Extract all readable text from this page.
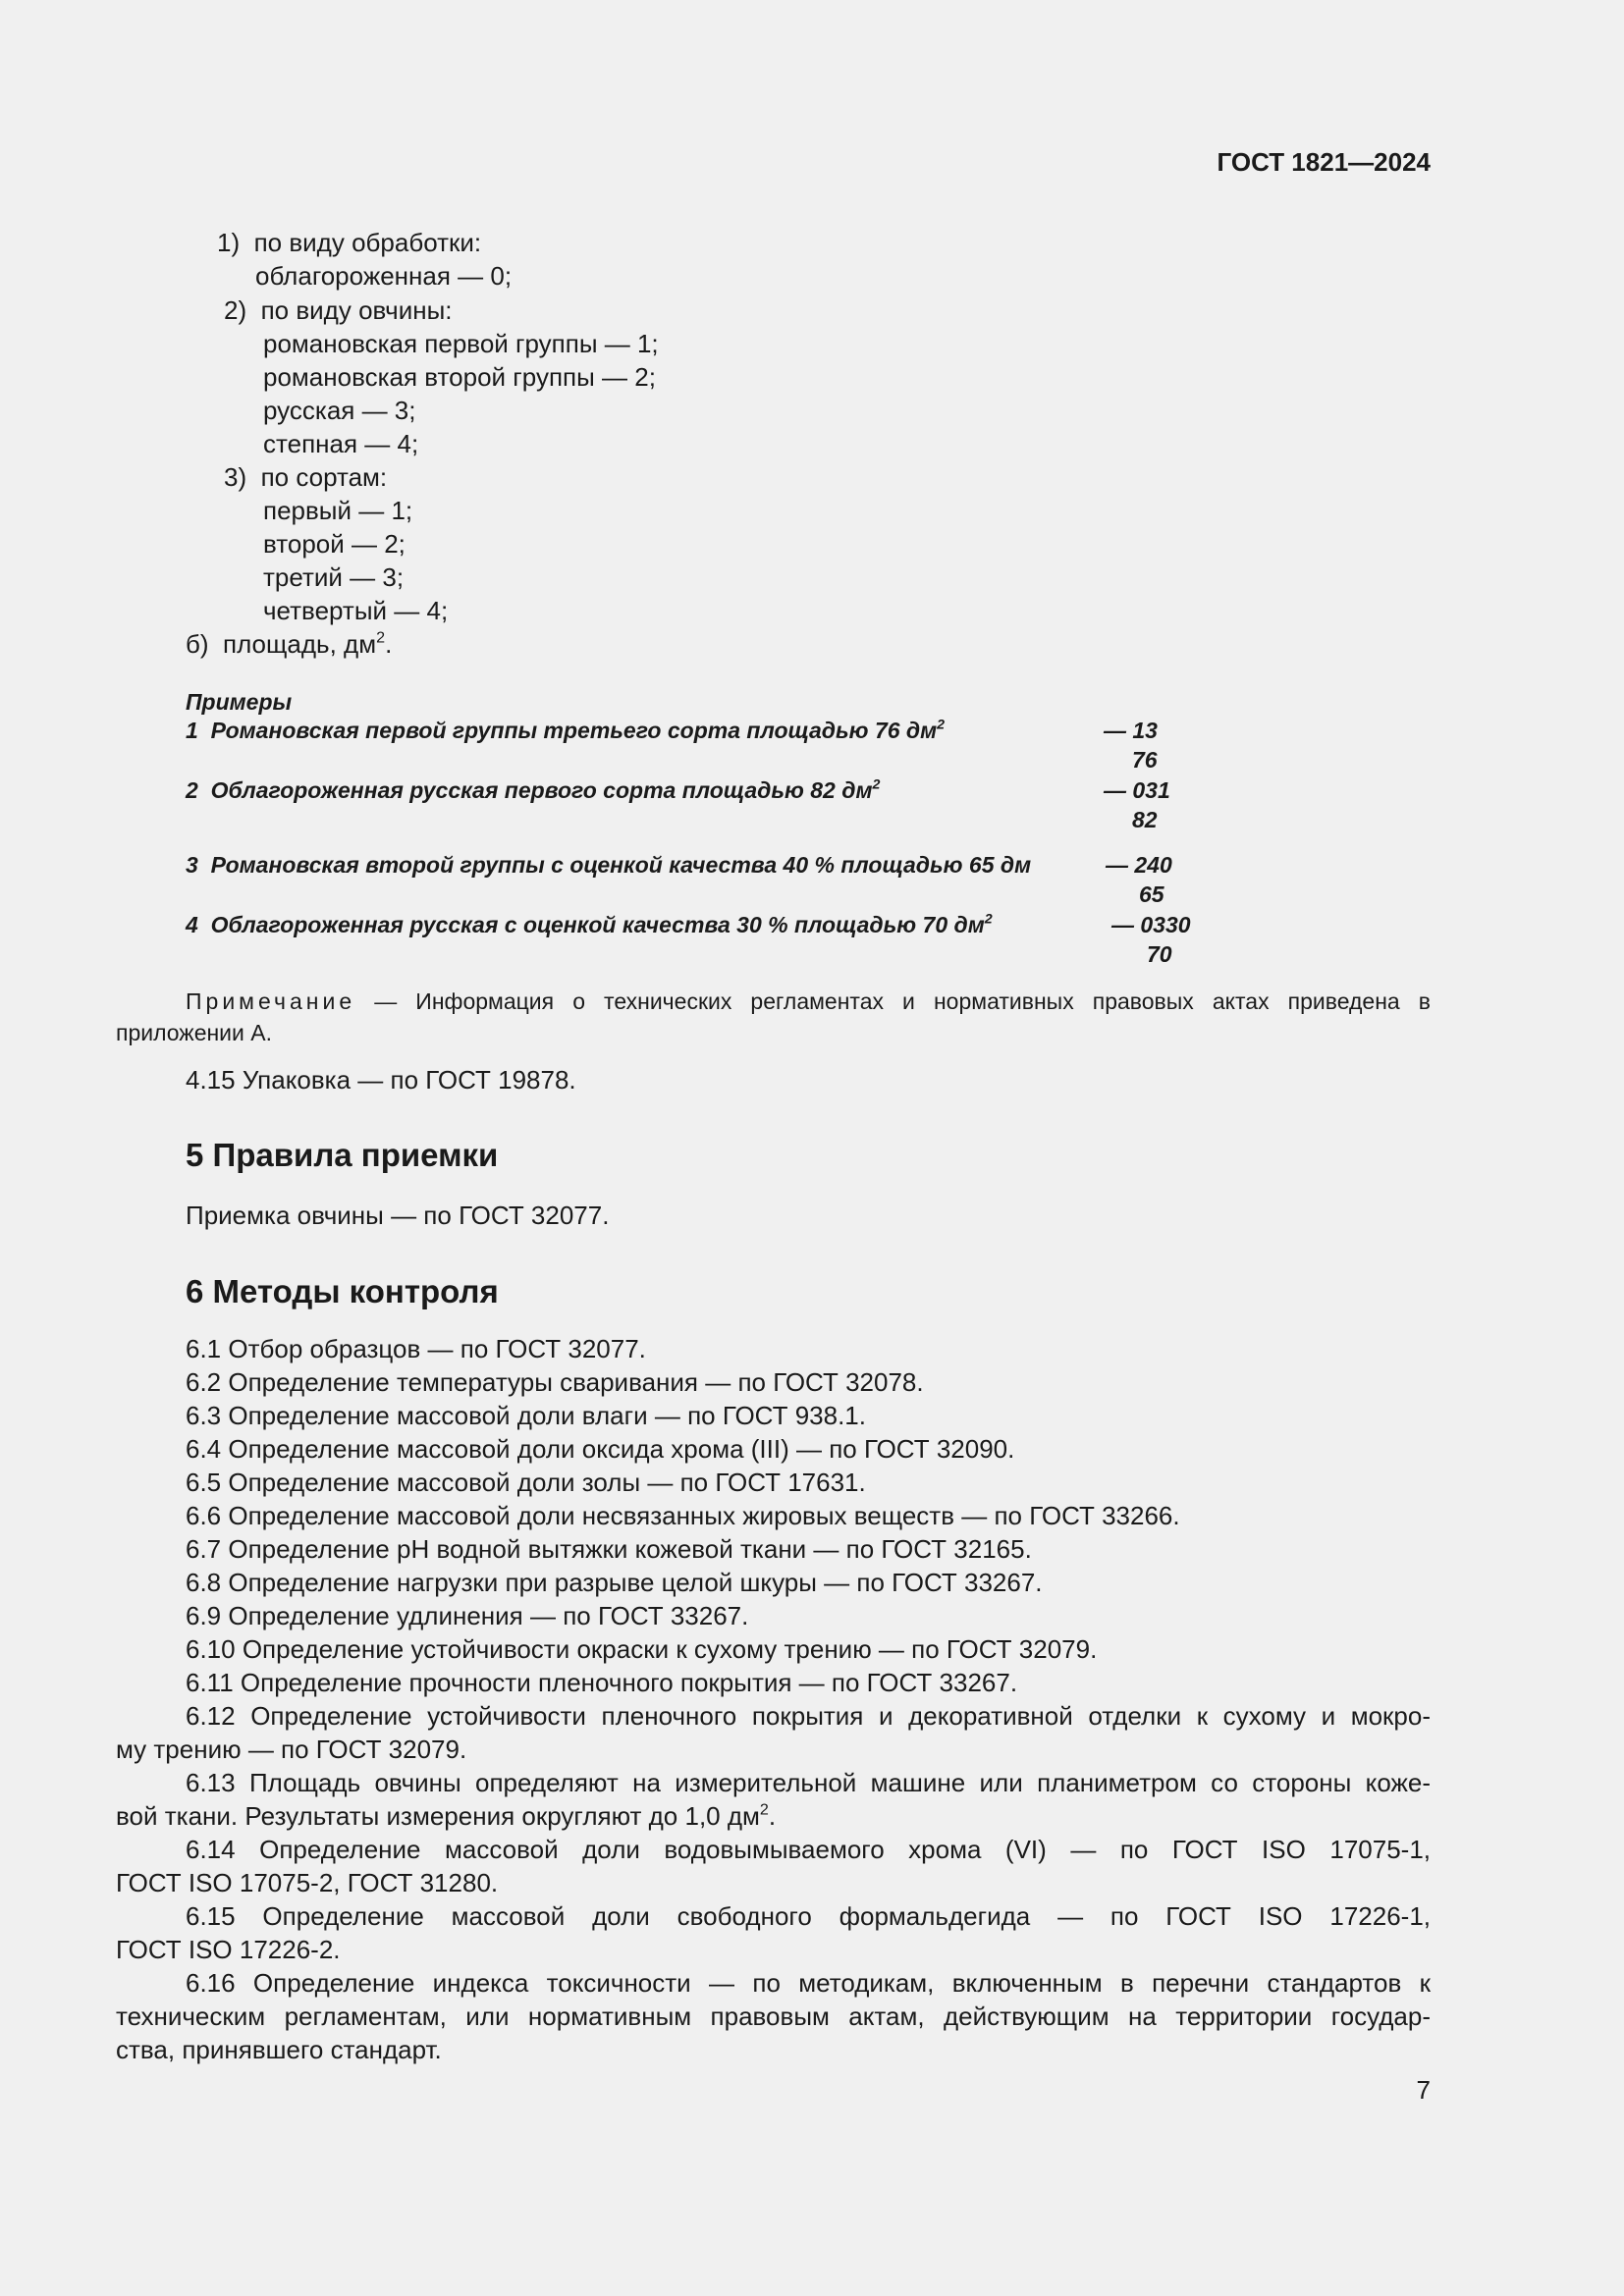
ГОСТ 1821—2024
1) по виду обработки:
облагороженная — 0;
2) по виду овчины:
романовская первой группы — 1;
романовская второй группы — 2;
русская — 3;
степная — 4;
3) по сортам:
первый — 1;
второй — 2;
третий — 3;
четвертый — 4;
б) площадь, $дм^2$.
Примеры
1 Романовская первой группы третьего сорта площадью 76 $дм^2$	— 13
76
2 Облагороженная русская первого сорта площадью 82 $дм^2$	— 031
82
3 Романовская второй группы с оценкой качества 40 % площадью 65 дм	— 240
65
4 Облагороженная русская с оценкой качества 30 % площадью 70 $дм^2$	— 0330
70
Примечание — Информация о технических регламентах и нормативных правовых актах приведена в
приложении А.
4.15 Упаковка — по ГОСТ 19878.
5 Правила приемки
Приемка овчины — по ГОСТ 32077.
6 Методы контроля
6.1 Отбор образцов — по ГОСТ 32077.
6.2 Определение температуры сваривания — по ГОСТ 32078.
6.3 Определение массовой доли влаги — по ГОСТ 938.1.
6.4 Определение массовой доли оксида хрома (III) — по ГОСТ 32090.
6.5 Определение массовой доли золы — по ГОСТ 17631.
6.6 Определение массовой доли несвязанных жировых веществ — по ГОСТ 33266.
6.7 Определение pH водной вытяжки кожевой ткани — по ГОСТ 32165.
6.8 Определение нагрузки при разрыве целой шкуры — по ГОСТ 33267.
6.9 Определение удлинения — по ГОСТ 33267.
6.10 Определение устойчивости окраски к сухому трению — по ГОСТ 32079.
6.11 Определение прочности пленочного покрытия — по ГОСТ 33267.
6.12 Определение устойчивости пленочного покрытия и декоративной отделки к сухому и мокро-
му трению — по ГОСТ 32079.
6.13 Площадь овчины определяют на измерительной машине или планиметром со стороны коже-
вой ткани. Результаты измерения округляют до 1,0 $дм^2$.
6.14 Определение массовой доли водовымываемого хрома (VI) — по ГОСТ ISO 17075-1,
ГОСТ ISO 17075-2, ГОСТ 31280.
6.15 Определение массовой доли свободного формальдегида — по ГОСТ ISO 17226-1,
ГОСТ ISO 17226-2.
6.16 Определение индекса токсичности — по методикам, включенным в перечни стандартов к
техническим регламентам, или нормативным правовым актам, действующим на территории государ-
ства, принявшего стандарт.
7
